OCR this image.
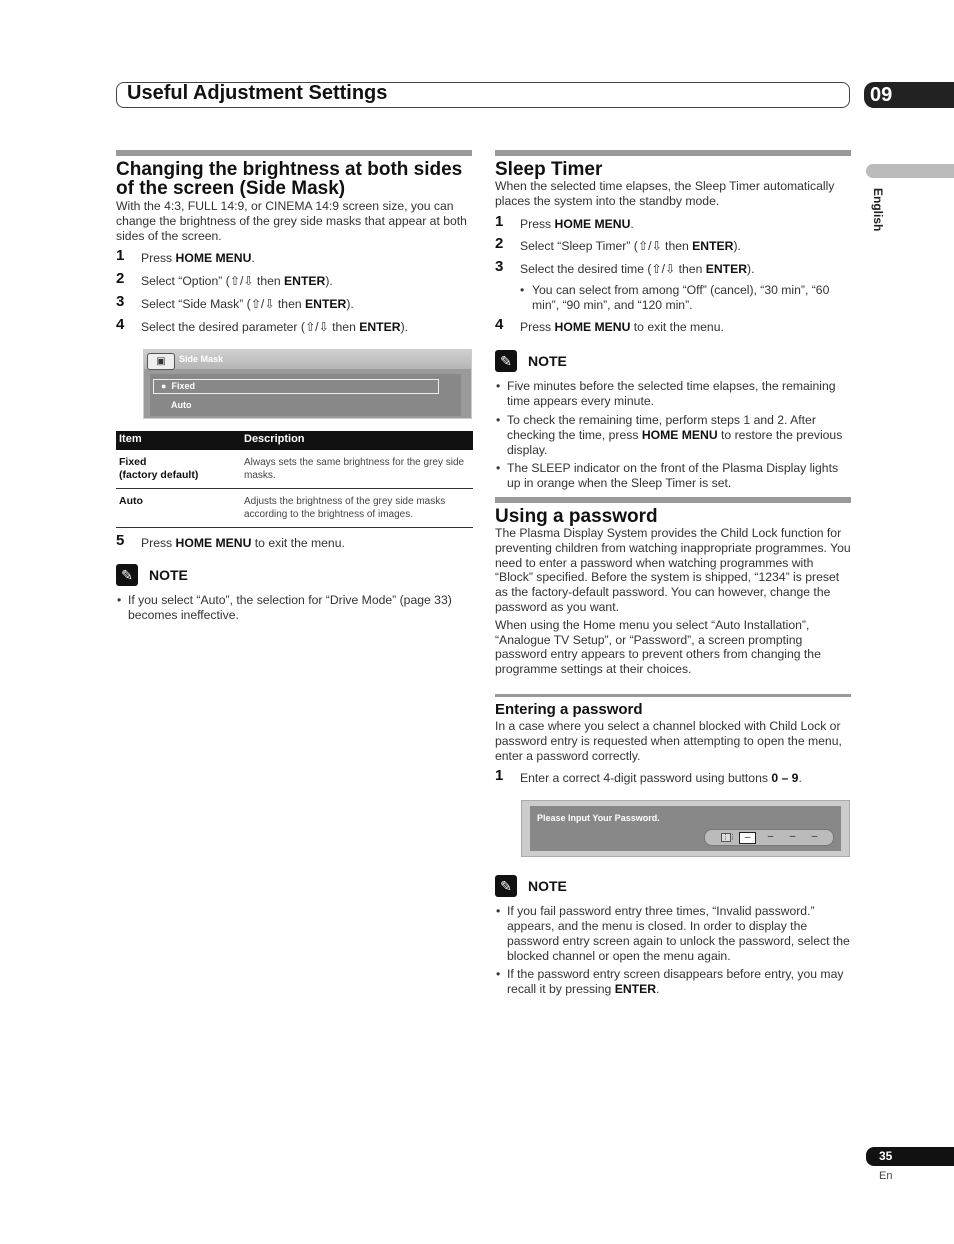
Useful Adjustment Settings	09
English
Changing the brightness at both sides of the screen (Side Mask)

With the 4:3, FULL 14:9, or CINEMA 14:9 screen size, you can change the brightness of the grey side masks that appear at both sides of the screen.

1 Press HOME MENU.
2 Select “Option” (⇧/⇩ then ENTER).
3 Select “Side Mask” (⇧/⇩ then ENTER).
4 Select the desired parameter (⇧/⇩ then ENTER).
▣	Side Mask
● Fixed
Auto
Item	Description
Fixed
(factory default)	Always sets the same brightness for the grey side masks.
Auto	Adjusts the brightness of the grey side masks according to the brightness of images.
5 Press HOME MENU to exit the menu.
✎	NOTE
• If you select “Auto”, the selection for “Drive Mode” (page 33) becomes ineffective.
Sleep Timer

When the selected time elapses, the Sleep Timer automatically places the system into the standby mode.

1 Press HOME MENU.
2 Select “Sleep Timer” (⇧/⇩ then ENTER).
3 Select the desired time (⇧/⇩ then ENTER).
• You can select from among “Off” (cancel), “30 min”, “60 min”, “90 min”, and “120 min”.
4 Press HOME MENU to exit the menu.
✎	NOTE
• Five minutes before the selected time elapses, the remaining time appears every minute.
• To check the remaining time, perform steps 1 and 2. After checking the time, press HOME MENU to restore the previous display.
• The SLEEP indicator on the front of the Plasma Display lights up in orange when the Sleep Timer is set.
Using a password

The Plasma Display System provides the Child Lock function for preventing children from watching inappropriate programmes. You need to enter a password when watching programmes with “Block” specified. Before the system is shipped, “1234” is preset as the factory-default password. You can however, change the password as you want.

When using the Home menu you select “Auto Installation”, “Analogue TV Setup”, or “Password”, a screen prompting password entry appears to prevent others from changing the programme settings at their choices.

Entering a password

In a case where you select a channel blocked with Child Lock or password entry is requested when attempting to open the menu, enter a password correctly.

1 Enter a correct 4-digit password using buttons 0 – 9.
Please Input Your Password.
⋮⋮ –	–	–	–
✎	NOTE
• If you fail password entry three times, “Invalid password.” appears, and the menu is closed. In order to display the password entry screen again to unlock the password, select the blocked channel or open the menu again.
• If the password entry screen disappears before entry, you may recall it by pressing ENTER.
35
En
